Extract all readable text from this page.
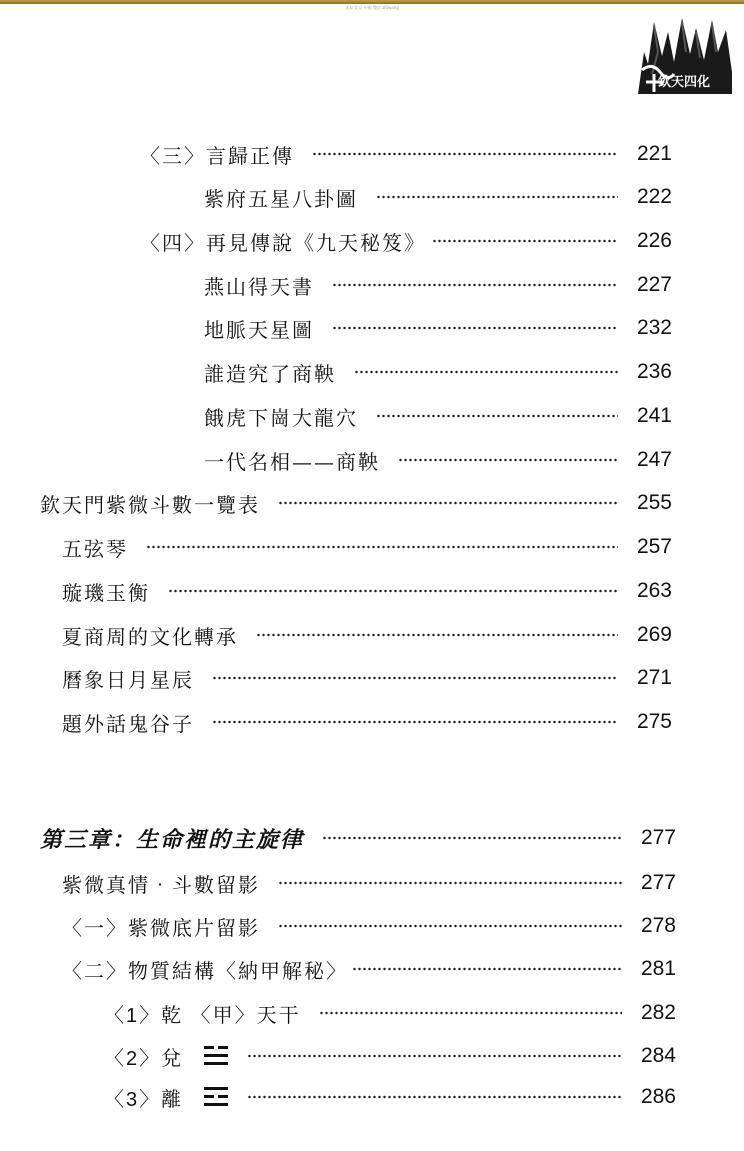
光易·北京·中國 微信 zitiwang
欽天四化
〈三〉言歸正傳	221
紫府五星八卦圖	222
〈四〉再見傳說《九天秘笈》	226
燕山得天書	227
地脈天星圖	232
誰造究了商鞅	236
餓虎下崗大龍穴	241
一代名相——商鞅	247
欽天門紫微斗數一覽表	255
五弦琴	257
璇璣玉衡	263
夏商周的文化轉承	269
曆象日月星辰	271
題外話鬼谷子	275
第三章：生命裡的主旋律	277
紫微真情‧斗數留影	277
〈一〉紫微底片留影	278
〈二〉物質結構〈納甲解秘〉	281
〈1〉乾 〈甲〉天干	282
〈2〉兌	284
〈3〉離	286
